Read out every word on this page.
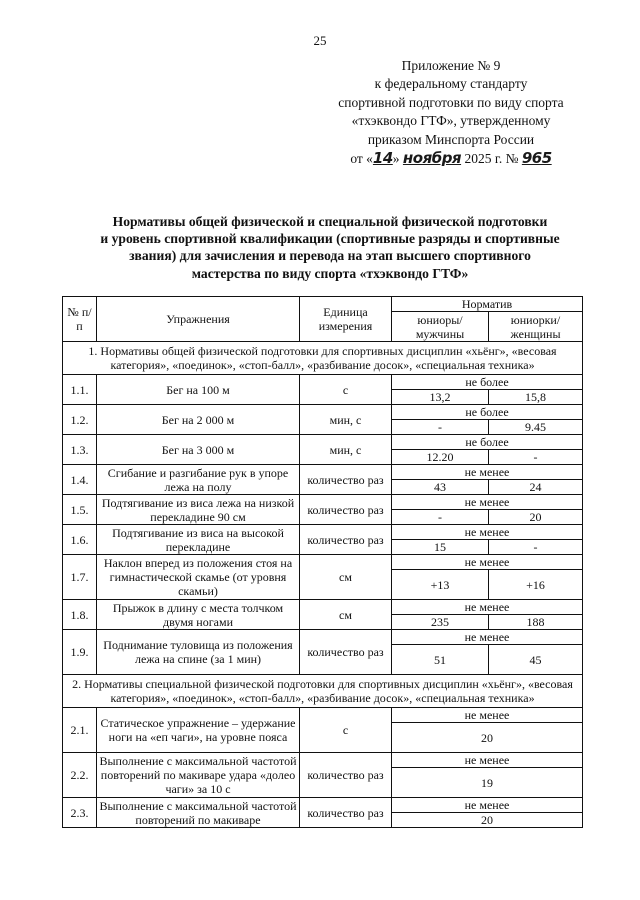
25
Приложение № 9
к федеральному стандарту
спортивной подготовки по виду спорта
«тхэквондо ГТФ», утвержденному
приказом Минспорта России
от «14» ноября 2025 г. № 965
Нормативы общей физической и специальной физической подготовки
и уровень спортивной квалификации (спортивные разряды и спортивные
звания) для зачисления и перевода на этап высшего спортивного
мастерства по виду спорта «тхэквондо ГТФ»
№ п/п	Упражнения	Единица измерения	Норматив	
			юниоры/ мужчины	юниорки/ женщины
1. Нормативы общей физической подготовки для спортивных дисциплин «хьёнг», «весовая категория», «поединок», «стоп-балл», «разбивание досок», «специальная техника»				
1.1.	Бег на 100 м	с	не более	
			13,2	15,8
1.2.	Бег на 2 000 м	мин, с	не более	
			-	9.45
1.3.	Бег на 3 000 м	мин, с	не более	
			12.20	-
1.4.	Сгибание и разгибание рук в упоре лежа на полу	количество раз	не менее	
			43	24
1.5.	Подтягивание из виса лежа на низкой перекладине 90 см	количество раз	не менее	
			-	20
1.6.	Подтягивание из виса на высокой перекладине	количество раз	не менее	
			15	-
1.7.	Наклон вперед из положения стоя на гимнастической скамье (от уровня скамьи)	см	не менее	
			+13	+16
1.8.	Прыжок в длину с места толчком двумя ногами	см	не менее	
			235	188
1.9.	Поднимание туловища из положения лежа на спине (за 1 мин)	количество раз	не менее	
			51	45
2. Нормативы специальной физической подготовки для спортивных дисциплин «хьёнг», «весовая категория», «поединок», «стоп-балл», «разбивание досок», «специальная техника»				
2.1.	Статическое упражнение – удержание ноги на «еп чаги», на уровне пояса	с	не менее	
			20	
2.2.	Выполнение с максимальной частотой повторений по макиваре удара «долео чаги» за 10 с	количество раз	не менее	
			19	
2.3.	Выполнение с максимальной частотой повторений по макиваре	количество раз	не менее	
			20	
